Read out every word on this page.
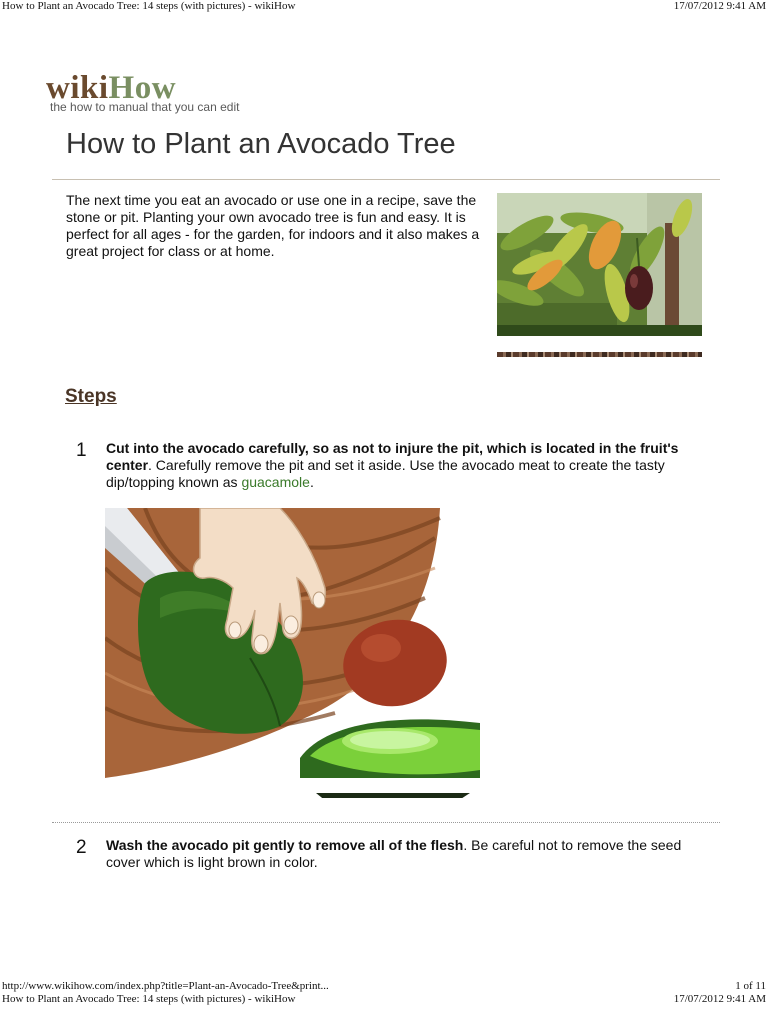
How to Plant an Avocado Tree: 14 steps (with pictures) - wikiHow	17/07/2012 9:41 AM
wikiHow
the how to manual that you can edit
How to Plant an Avocado Tree

The next time you eat an avocado or use one in a recipe, save the stone or pit. Planting your own avocado tree is fun and easy. It is perfect for all ages - for the garden, for indoors and it also makes a great project for class or at home.

Steps
1 Cut into the avocado carefully, so as not to injure the pit, which is located in the fruit's center. Carefully remove the pit and set it aside. Use the avocado meat to create the tasty dip/topping known as guacamole.
2 Wash the avocado pit gently to remove all of the flesh. Be careful not to remove the seed cover which is light brown in color.
http://www.wikihow.com/index.php?title=Plant-an-Avocado-Tree&print...	1 of 11
How to Plant an Avocado Tree: 14 steps (with pictures) - wikiHow	17/07/2012 9:41 AM
